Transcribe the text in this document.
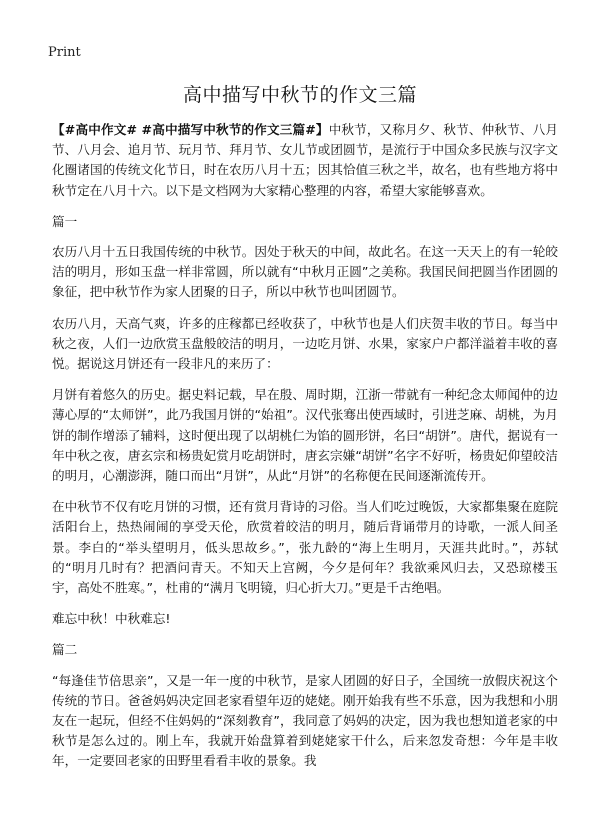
Print
高中描写中秋节的作文三篇

【#高中作文# #高中描写中秋节的作文三篇#】中秋节，又称月夕、秋节、仲秋节、八月节、八月会、追月节、玩月节、拜月节、女儿节或团圆节，是流行于中国众多民族与汉字文化圈诸国的传统文化节日，时在农历八月十五；因其恰值三秋之半，故名，也有些地方将中秋节定在八月十六。以下是文档网为大家精心整理的内容，希望大家能够喜欢。

篇一

农历八月十五日我国传统的中秋节。因处于秋天的中间，故此名。在这一天天上的有一轮皎洁的明月，形如玉盘一样非常圆，所以就有“中秋月正圆”之美称。我国民间把圆当作团圆的象征，把中秋节作为家人团聚的日子，所以中秋节也叫团圆节。

农历八月，天高气爽，许多的庄稼都已经收获了，中秋节也是人们庆贺丰收的节日。每当中秋之夜，人们一边欣赏玉盘般皎洁的明月，一边吃月饼、水果，家家户户都洋溢着丰收的喜悦。据说这月饼还有一段非凡的来历了：

月饼有着悠久的历史。据史料记载，早在殷、周时期，江浙一带就有一种纪念太师闻仲的边薄心厚的“太师饼”，此乃我国月饼的“始祖”。汉代张骞出使西域时，引进芝麻、胡桃，为月饼的制作增添了辅料，这时便出现了以胡桃仁为馅的圆形饼，名曰“胡饼”。唐代，据说有一年中秋之夜，唐玄宗和杨贵妃赏月吃胡饼时，唐玄宗嫌“胡饼”名字不好听，杨贵妃仰望皎洁的明月，心潮澎湃，随口而出“月饼”，从此“月饼”的名称便在民间逐渐流传开。

在中秋节不仅有吃月饼的习惯，还有赏月背诗的习俗。当人们吃过晚饭，大家都集聚在庭院活阳台上，热热闹闹的享受天伦，欣赏着皎洁的明月，随后背诵带月的诗歌，一派人间圣景。李白的“举头望明月，低头思故乡。”，张九龄的“海上生明月，天涯共此时。”，苏轼的“明月几时有？把酒问青天。不知天上宫阙，今夕是何年？我欲乘风归去，又恐琼楼玉宇，高处不胜寒。”，杜甫的“满月飞明镜，归心折大刀。”更是千古绝唱。

难忘中秋！中秋难忘!

篇二

“每逢佳节倍思亲”，又是一年一度的中秋节，是家人团圆的好日子，全国统一放假庆祝这个传统的节日。爸爸妈妈决定回老家看望年迈的姥姥。刚开始我有些不乐意，因为我想和小朋友在一起玩，但经不住妈妈的“深刻教育”，我同意了妈妈的决定，因为我也想知道老家的中秋节是怎么过的。刚上车，我就开始盘算着到姥姥家干什么，后来忽发奇想：今年是丰收年，一定要回老家的田野里看看丰收的景象。我
